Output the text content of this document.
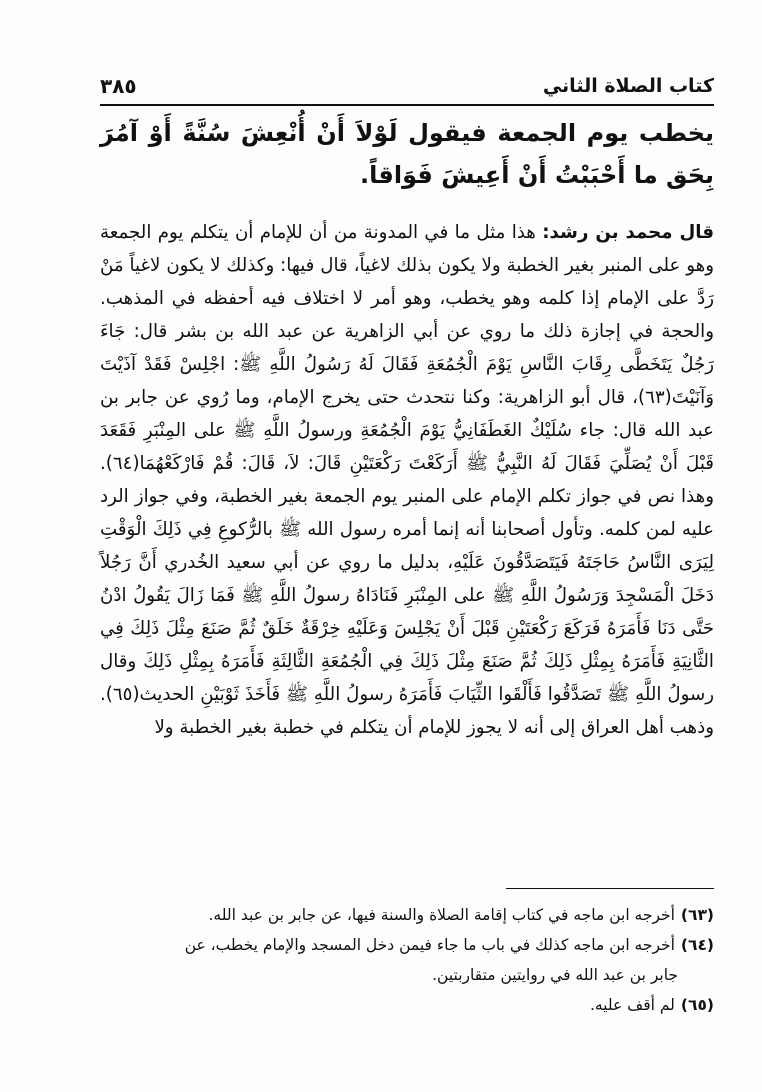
كتاب الصلاة الثاني
٣٨٥

يخطب يوم الجمعة فيقول لَوْلاَ أَنْ أُنْعِشَ سُنَّةً أَوْ آمُرَ بِحَق ما أَحْبَبْتُ أَنْ أَعِيشَ فَوَاقاً.

قال محمد بن رشد: هذا مثل ما في المدونة من أن للإمام أن يتكلم يوم الجمعة وهو على المنبر بغير الخطبة ولا يكون بذلك لاغياً، قال فيها: وكذلك لا يكون لاغياً مَنْ رَدَّ على الإمام إذا كلمه وهو يخطب، وهو أمر لا اختلاف فيه أحفظه في المذهب. والحجة في إجازة ذلك ما روي عن أبي الزاهرية عن عبد الله بن بشر قال: جَاءَ رَجُلٌ يَتَخَطَّى رِقَابَ النَّاسِ يَوْمَ الْجُمُعَةِ فَقَالَ لَهُ رَسُولُ اللَّهِ ﷺ: اجْلِسْ فَقَدْ آذَيْتَ وَآنَيْتَ(٦٣)، قال أبو الزاهرية: وكنا نتحدث حتى يخرج الإمام، وما رُوي عن جابر بن عبد الله قال: جاء سُلَيْكٌ الغَطَفَانِيُّ يَوْمَ الْجُمُعَةِ ورسولُ اللَّهِ ﷺ على المِنْبَرِ فَقَعَدَ قَبْلَ أَنْ يُصَلِّيَ فَقَالَ لَهُ النَّبِيُّ ﷺ أَرَكَعْتَ رَكْعَتَيْنِ قَالَ: لاَ، قَالَ: قُمْ فَارْكَعْهُمَا(٦٤). وهذا نص في جواز تكلم الإمام على المنبر يوم الجمعة بغير الخطبة، وفي جواز الرد عليه لمن كلمه. وتأول أصحابنا أنه إنما أمره رسول الله ﷺ بالرُّكوعِ فِي ذَلِكَ الْوَقْتِ لِيَرَى النَّاسُ حَاجَتَهُ فَيَتَصَدَّقُونَ عَلَيْهِ، بدليل ما روي عن أبي سعيد الخُدري أَنَّ رَجُلاً دَخَلَ الْمَسْجِدَ وَرَسُولُ اللَّهِ ﷺ على المِنْبَرِ فَنَادَاهُ رسولُ اللَّهِ ﷺ فَمَا زَالَ يَقُولُ ادْنُ حَتَّى دَنَا فَأَمَرَهُ فَرَكَعَ رَكْعَتَيْنِ قَبْلَ أَنْ يَجْلِسَ وَعَلَيْهِ خِرْقَةٌ خَلَقٌ ثُمَّ صَنَعَ مِثْلَ ذَلِكَ فِي الثَّانِيَةِ فَأَمَرَهُ بِمِثْلِ ذَلِكَ ثُمَّ صَنَعَ مِثْلَ ذَلِكَ فِي الْجُمُعَةِ الثَّالِثَةِ فَأَمَرَهُ بِمِثْلِ ذَلِكَ وقال رسولُ اللَّهِ ﷺ تَصَدَّقُوا فَأَلْقَوا الثِّيَابَ فَأَمَرَهُ رسولُ اللَّهِ ﷺ فَأَخَذَ ثَوْبَيْنِ الحديث(٦٥). وذهب أهل العراق إلى أنه لا يجوز للإمام أن يتكلم في خطبة بغير الخطبة ولا

(٦٣)أخرجه ابن ماجه في كتاب إقامة الصلاة والسنة فيها، عن جابر بن عبد الله.

(٦٤)أخرجه ابن ماجه كذلك في باب ما جاء فيمن دخل المسجد والإمام يخطب، عن

جابر بن عبد الله في روايتين متقاربتين.

(٦٥)لم أقف عليه.
